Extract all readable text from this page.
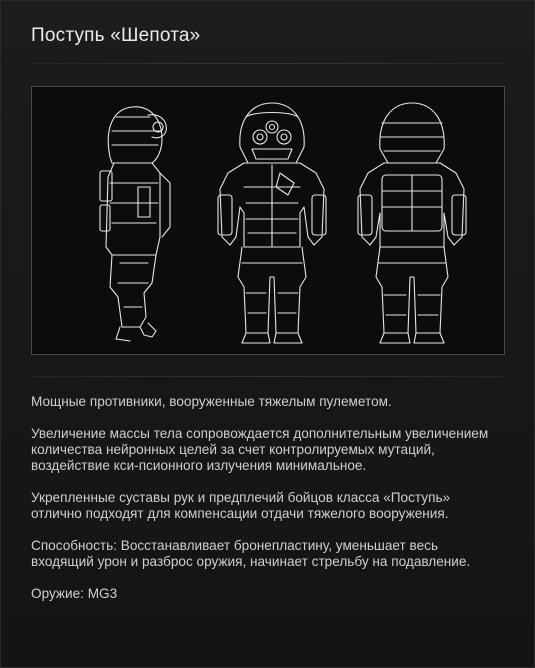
Поступь «Шепота»

Мощные противники, вооруженные тяжелым пулеметом.

Увеличение массы тела сопровождается дополнительным увеличением количества нейронных целей за счет контролируемых мутаций, воздействие кси-псионного излучения минимальное.

Укрепленные суставы рук и предплечий бойцов класса «Поступь» отлично подходят для компенсации отдачи тяжелого вооружения.

Способность: Восстанавливает бронепластину, уменьшает весь входящий урон и разброс оружия, начинает стрельбу на подавление.

Оружие: MG3
